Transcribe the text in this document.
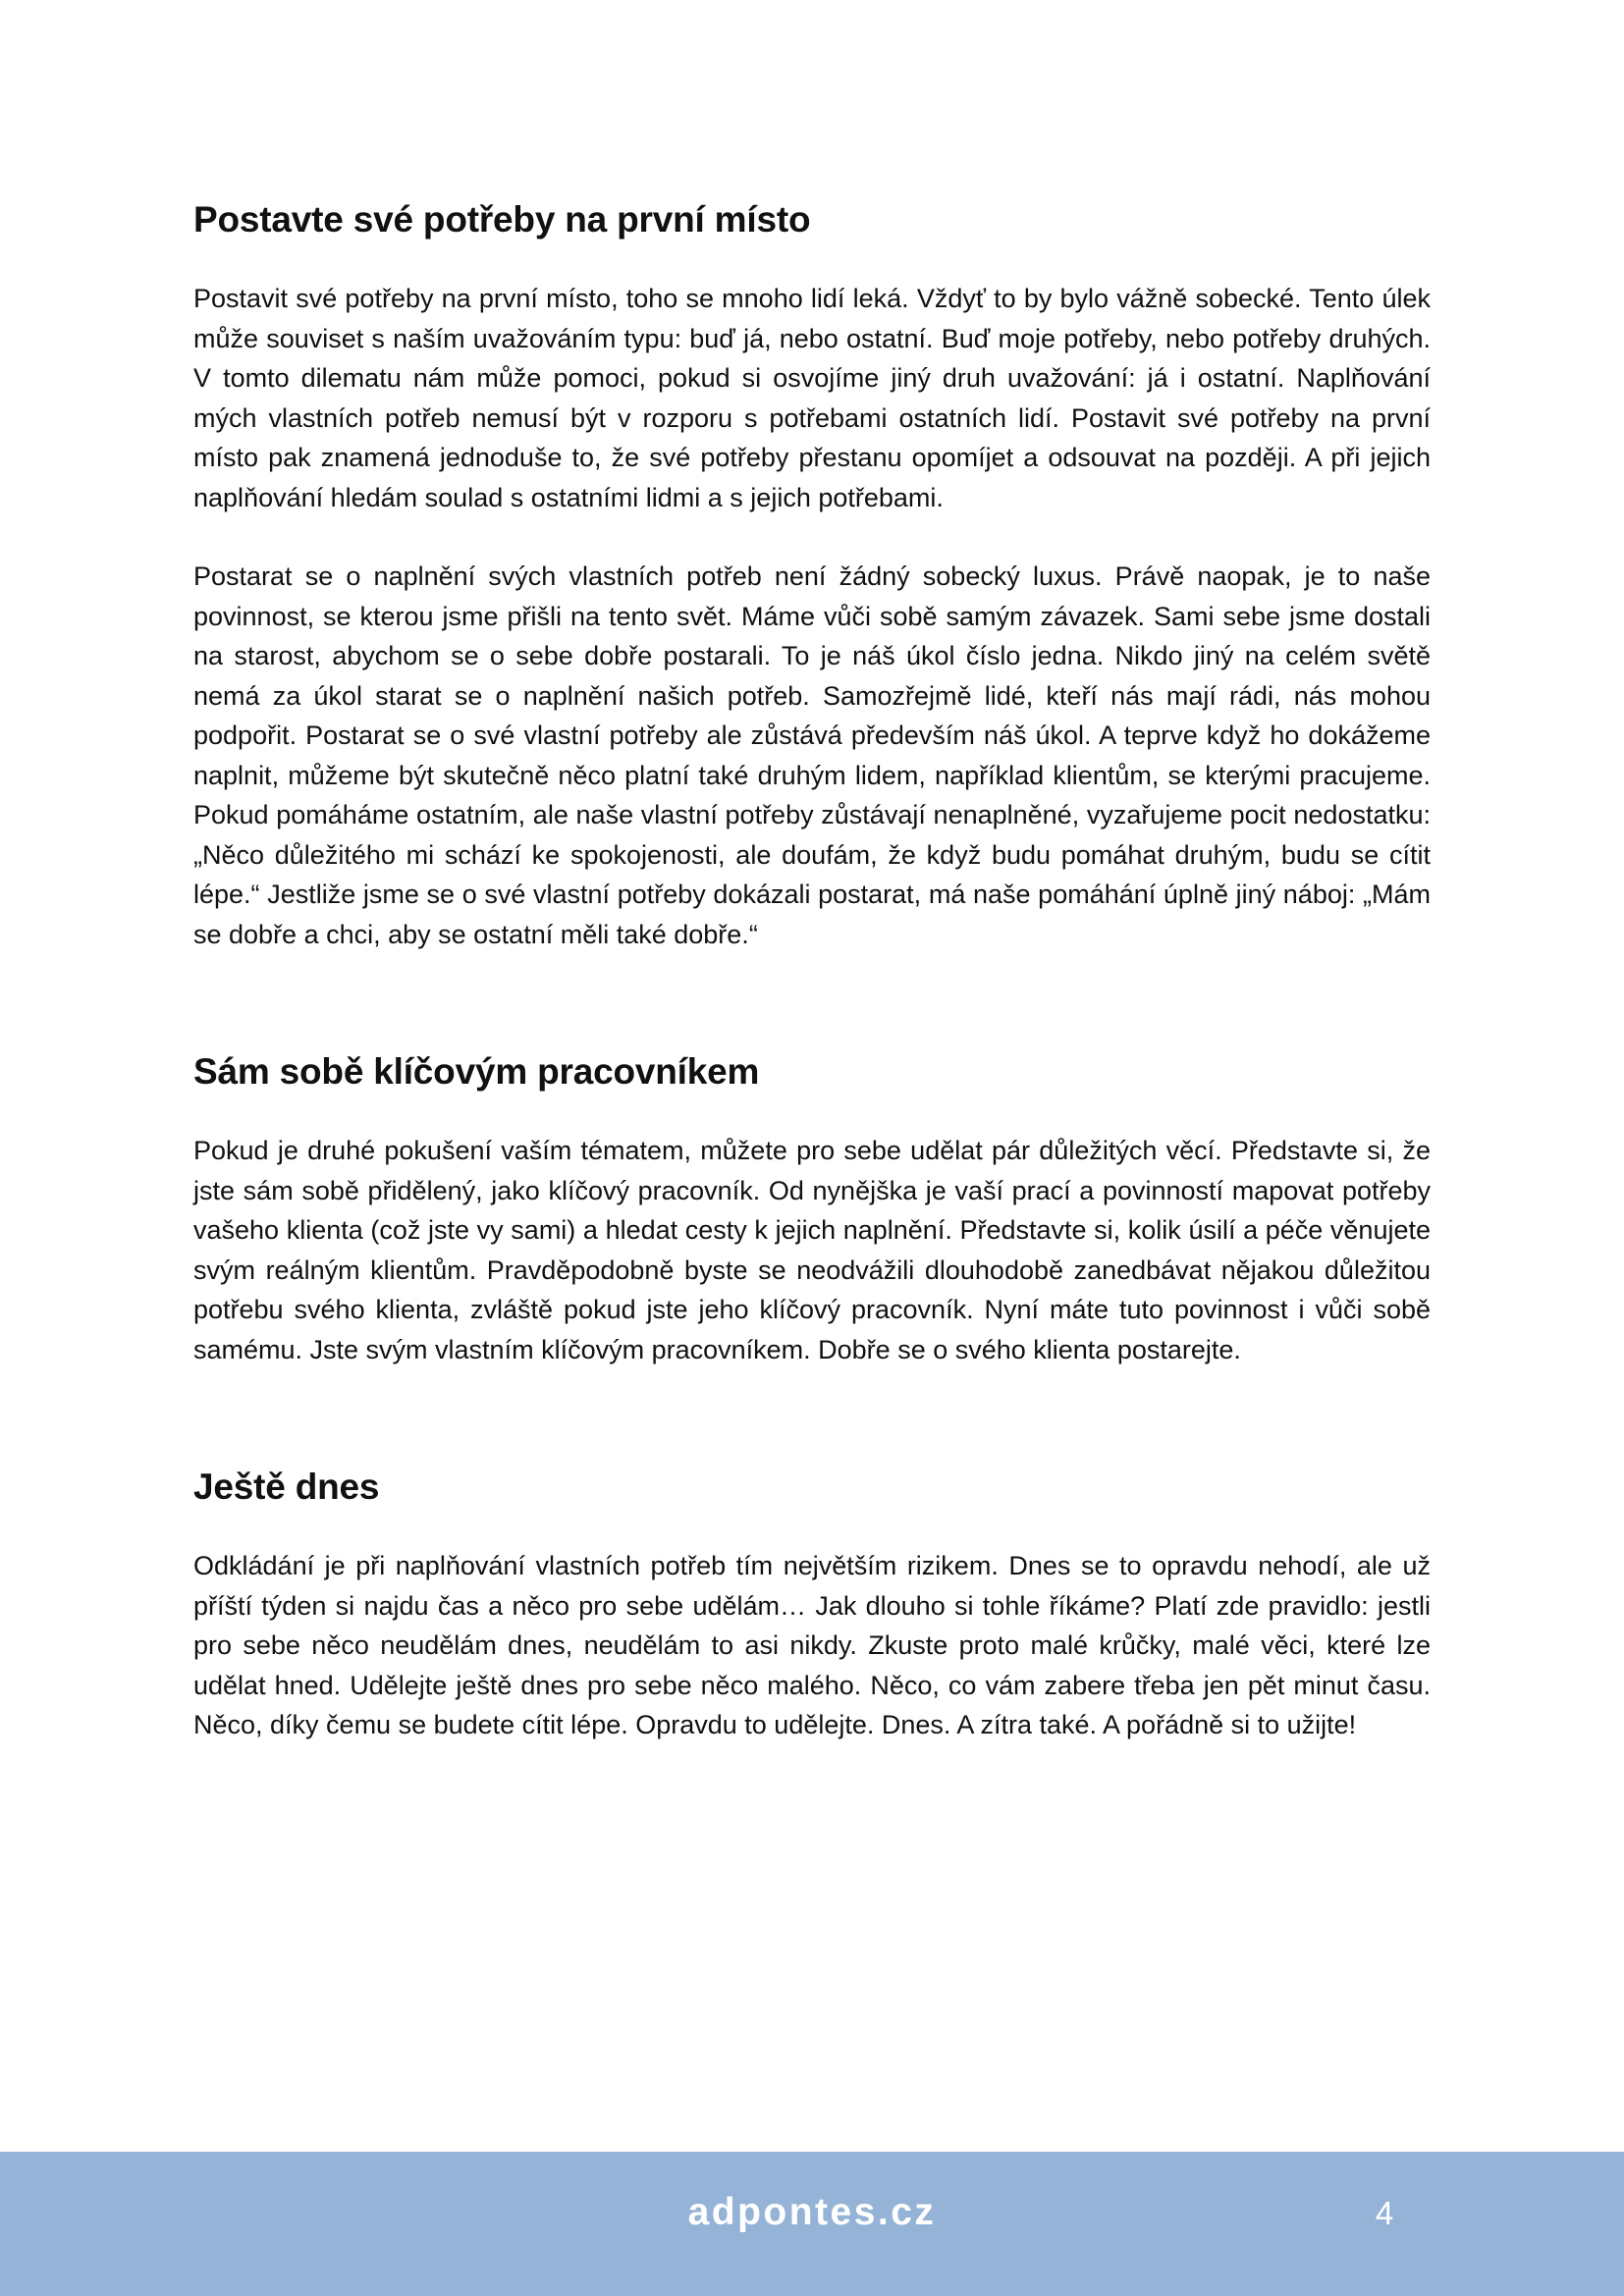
Postavte své potřeby na první místo

Postavit své potřeby na první místo, toho se mnoho lidí leká. Vždyť to by bylo vážně sobecké. Tento úlek může souviset s naším uvažováním typu: buď já, nebo ostatní. Buď moje potřeby, nebo potřeby druhých. V tomto dilematu nám může pomoci, pokud si osvojíme jiný druh uvažování: já i ostatní. Naplňování mých vlastních potřeb nemusí být v rozporu s potřebami ostatních lidí. Postavit své potřeby na první místo pak znamená jednoduše to, že své potřeby přestanu opomíjet a odsouvat na později. A při jejich naplňování hledám soulad s ostatními lidmi a s jejich potřebami.

Postarat se o naplnění svých vlastních potřeb není žádný sobecký luxus. Právě naopak, je to naše povinnost, se kterou jsme přišli na tento svět. Máme vůči sobě samým závazek. Sami sebe jsme dostali na starost, abychom se o sebe dobře postarali. To je náš úkol číslo jedna. Nikdo jiný na celém světě nemá za úkol starat se o naplnění našich potřeb. Samozřejmě lidé, kteří nás mají rádi, nás mohou podpořit. Postarat se o své vlastní potřeby ale zůstává především náš úkol. A teprve když ho dokážeme naplnit, můžeme být skutečně něco platní také druhým lidem, například klientům, se kterými pracujeme. Pokud pomáháme ostatním, ale naše vlastní potřeby zůstávají nenaplněné, vyzařujeme pocit nedostatku: „Něco důležitého mi schází ke spokojenosti, ale doufám, že když budu pomáhat druhým, budu se cítit lépe.“ Jestliže jsme se o své vlastní potřeby dokázali postarat, má naše pomáhání úplně jiný náboj: „Mám se dobře a chci, aby se ostatní měli také dobře.“

Sám sobě klíčovým pracovníkem

Pokud je druhé pokušení vaším tématem, můžete pro sebe udělat pár důležitých věcí. Představte si, že jste sám sobě přidělený, jako klíčový pracovník. Od nynějška je vaší prací a povinností mapovat potřeby vašeho klienta (což jste vy sami) a hledat cesty k jejich naplnění. Představte si, kolik úsilí a péče věnujete svým reálným klientům. Pravděpodobně byste se neodvážili dlouhodobě zanedbávat nějakou důležitou potřebu svého klienta, zvláště pokud jste jeho klíčový pracovník. Nyní máte tuto povinnost i vůči sobě samému. Jste svým vlastním klíčovým pracovníkem. Dobře se o svého klienta postarejte.

Ještě dnes

Odkládání je při naplňování vlastních potřeb tím největším rizikem. Dnes se to opravdu nehodí, ale už příští týden si najdu čas a něco pro sebe udělám… Jak dlouho si tohle říkáme? Platí zde pravidlo: jestli pro sebe něco neudělám dnes, neudělám to asi nikdy. Zkuste proto malé krůčky, malé věci, které lze udělat hned. Udělejte ještě dnes pro sebe něco malého. Něco, co vám zabere třeba jen pět minut času. Něco, díky čemu se budete cítit lépe. Opravdu to udělejte. Dnes. A zítra také. A pořádně si to užijte!

adpontes.cz	4
